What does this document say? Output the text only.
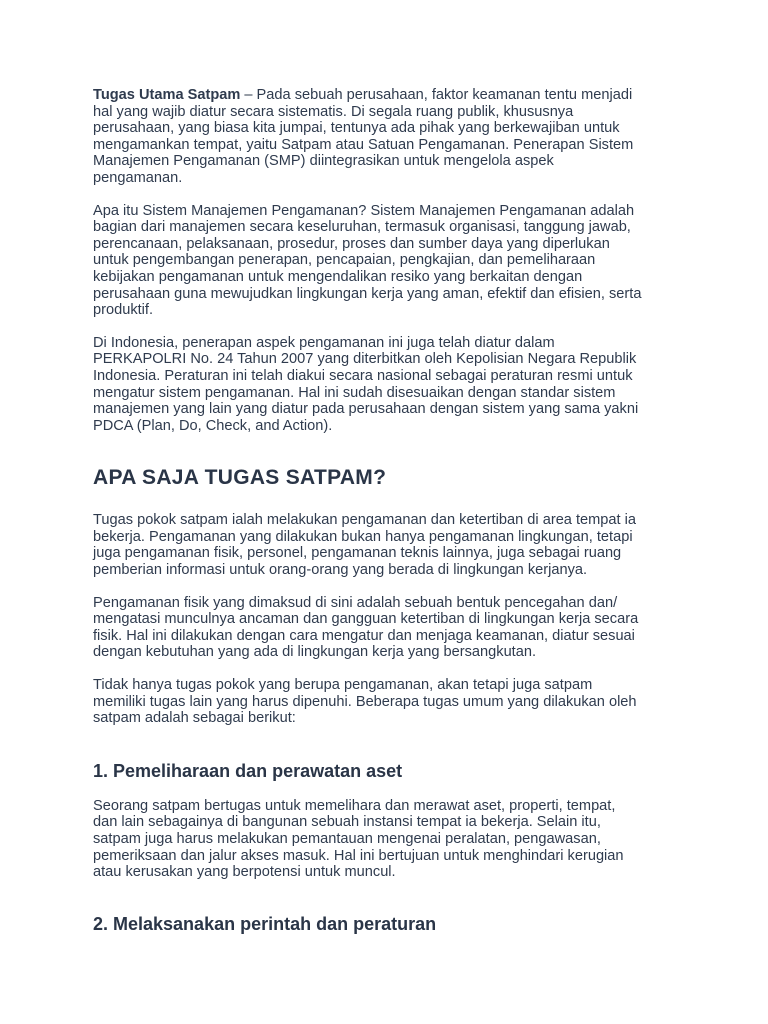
Tugas Utama Satpam – Pada sebuah perusahaan, faktor keamanan tentu menjadi
hal yang wajib diatur secara sistematis. Di segala ruang publik, khususnya
perusahaan, yang biasa kita jumpai, tentunya ada pihak yang berkewajiban untuk
mengamankan tempat, yaitu Satpam atau Satuan Pengamanan. Penerapan Sistem
Manajemen Pengamanan (SMP) diintegrasikan untuk mengelola aspek
pengamanan.

Apa itu Sistem Manajemen Pengamanan? Sistem Manajemen Pengamanan adalah
bagian dari manajemen secara keseluruhan, termasuk organisasi, tanggung jawab,
perencanaan, pelaksanaan, prosedur, proses dan sumber daya yang diperlukan
untuk pengembangan penerapan, pencapaian, pengkajian, dan pemeliharaan
kebijakan pengamanan untuk mengendalikan resiko yang berkaitan dengan
perusahaan guna mewujudkan lingkungan kerja yang aman, efektif dan efisien, serta
produktif.

Di Indonesia, penerapan aspek pengamanan ini juga telah diatur dalam
PERKAPOLRI No. 24 Tahun 2007 yang diterbitkan oleh Kepolisian Negara Republik
Indonesia. Peraturan ini telah diakui secara nasional sebagai peraturan resmi untuk
mengatur sistem pengamanan. Hal ini sudah disesuaikan dengan standar sistem
manajemen yang lain yang diatur pada perusahaan dengan sistem yang sama yakni
PDCA (Plan, Do, Check, and Action).

APA SAJA TUGAS SATPAM?

Tugas pokok satpam ialah melakukan pengamanan dan ketertiban di area tempat ia
bekerja. Pengamanan yang dilakukan bukan hanya pengamanan lingkungan, tetapi
juga pengamanan fisik, personel, pengamanan teknis lainnya, juga sebagai ruang
pemberian informasi untuk orang-orang yang berada di lingkungan kerjanya.

Pengamanan fisik yang dimaksud di sini adalah sebuah bentuk pencegahan dan/
mengatasi munculnya ancaman dan gangguan ketertiban di lingkungan kerja secara
fisik. Hal ini dilakukan dengan cara mengatur dan menjaga keamanan, diatur sesuai
dengan kebutuhan yang ada di lingkungan kerja yang bersangkutan.

Tidak hanya tugas pokok yang berupa pengamanan, akan tetapi juga satpam
memiliki tugas lain yang harus dipenuhi. Beberapa tugas umum yang dilakukan oleh
satpam adalah sebagai berikut:

1. Pemeliharaan dan perawatan aset

Seorang satpam bertugas untuk memelihara dan merawat aset, properti, tempat,
dan lain sebagainya di bangunan sebuah instansi tempat ia bekerja. Selain itu,
satpam juga harus melakukan pemantauan mengenai peralatan, pengawasan,
pemeriksaan dan jalur akses masuk. Hal ini bertujuan untuk menghindari kerugian
atau kerusakan yang berpotensi untuk muncul.

2. Melaksanakan perintah dan peraturan
